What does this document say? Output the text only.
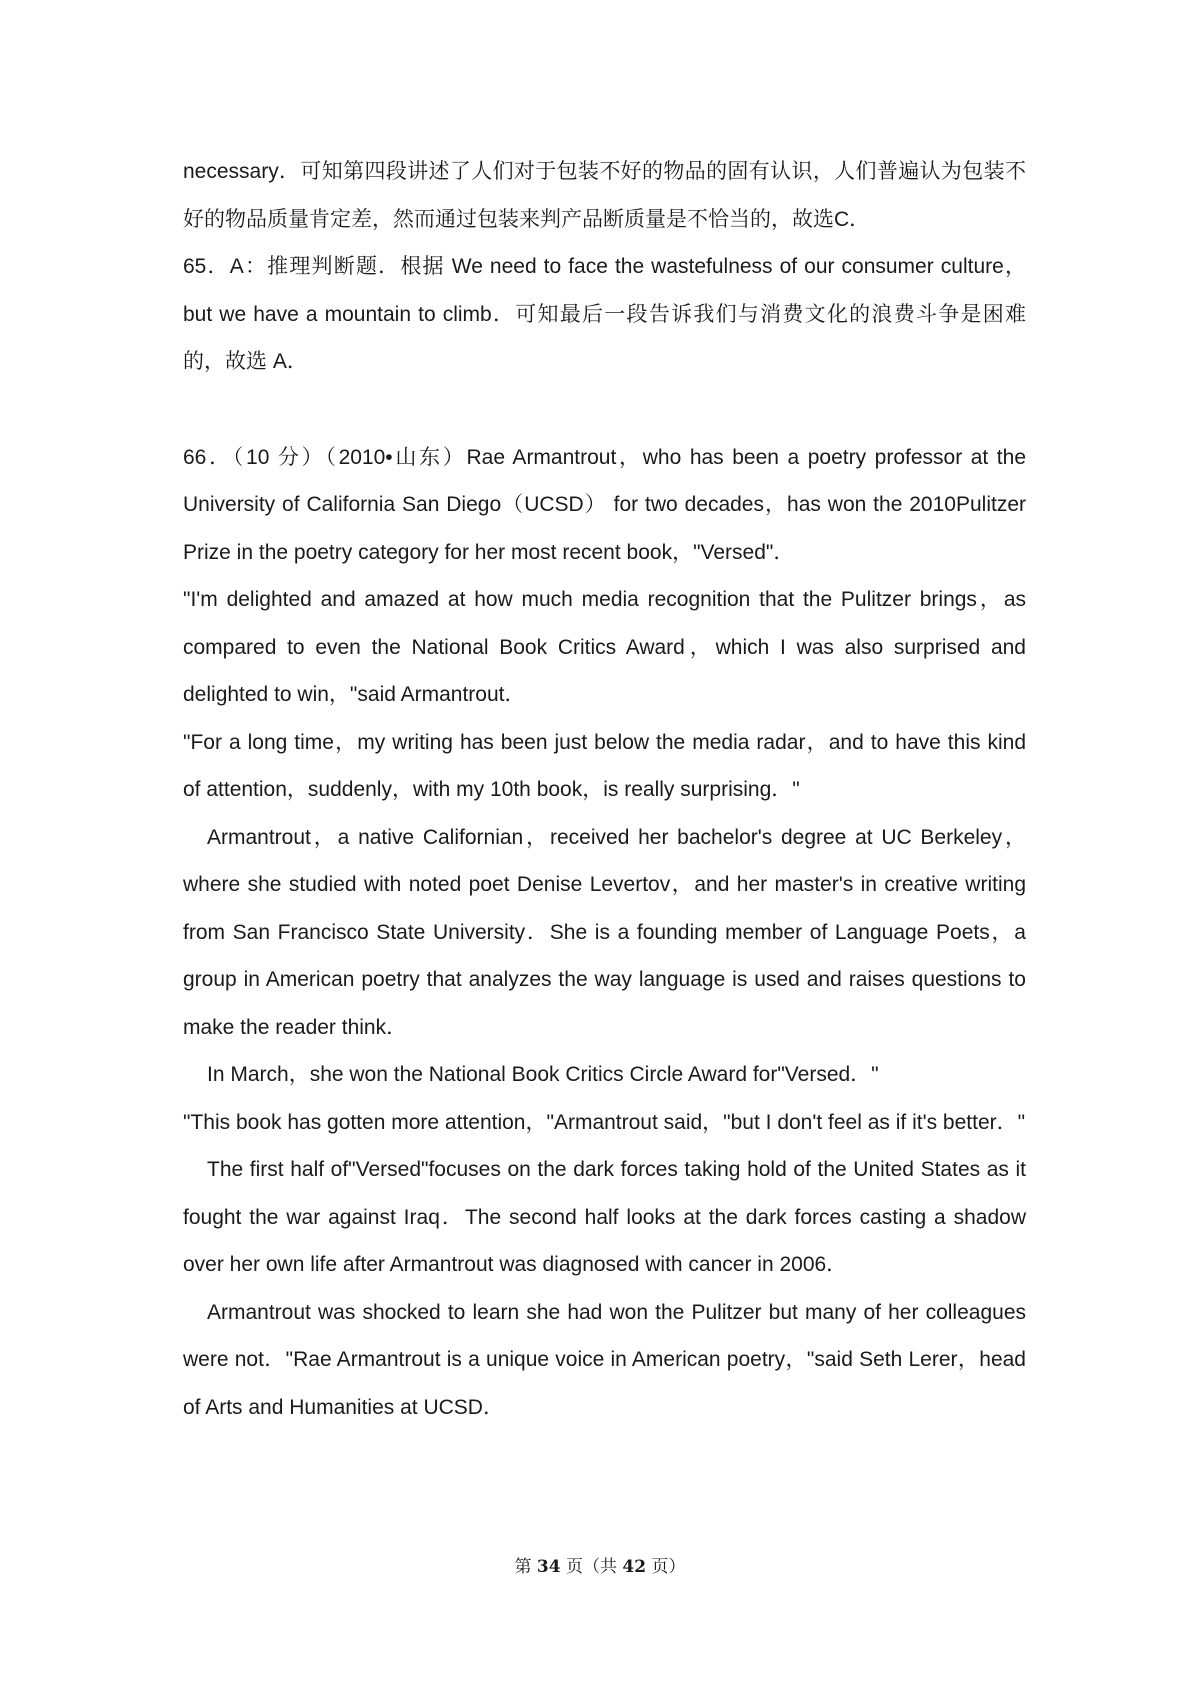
necessary．可知第四段讲述了人们对于包装不好的物品的固有认识，人们普遍认为包装不好的物品质量肯定差，然而通过包装来判产品断质量是不恰当的，故选C．

65．A：推理判断题．根据 We need to face the wastefulness of our consumer culture，but we have a mountain to climb．可知最后一段告诉我们与消费文化的浪费斗争是困难的，故选 A．

66．（10 分）（2010•山东）Rae Armantrout，who has been a poetry professor at the University of California San Diego（UCSD） for two decades，has won the 2010Pulitzer Prize in the poetry category for her most recent book，"Versed"．

"I'm delighted and amazed at how much media recognition that the Pulitzer brings，as compared to even the National Book Critics Award，which I was also surprised and delighted to win，"said Armantrout．

"For a long time，my writing has been just below the media radar，and to have this kind of attention，suddenly，with my 10th book，is really surprising．"

Armantrout，a native Californian，received her bachelor's degree at UC Berkeley，where she studied with noted poet Denise Levertov，and her master's in creative writing from San Francisco State University．She is a founding member of Language Poets，a group in American poetry that analyzes the way language is used and raises questions to make the reader think．

In March，she won the National Book Critics Circle Award for"Versed．"

"This book has gotten more attention，"Armantrout said，"but I don't feel as if it's better．"

The first half of"Versed"focuses on the dark forces taking hold of the United States as it fought the war against Iraq．The second half looks at the dark forces casting a shadow over her own life after Armantrout was diagnosed with cancer in 2006．

Armantrout was shocked to learn she had won the Pulitzer but many of her colleagues were not．"Rae Armantrout is a unique voice in American poetry，"said Seth Lerer，head of Arts and Humanities at UCSD．

第 34 页（共 42 页）
